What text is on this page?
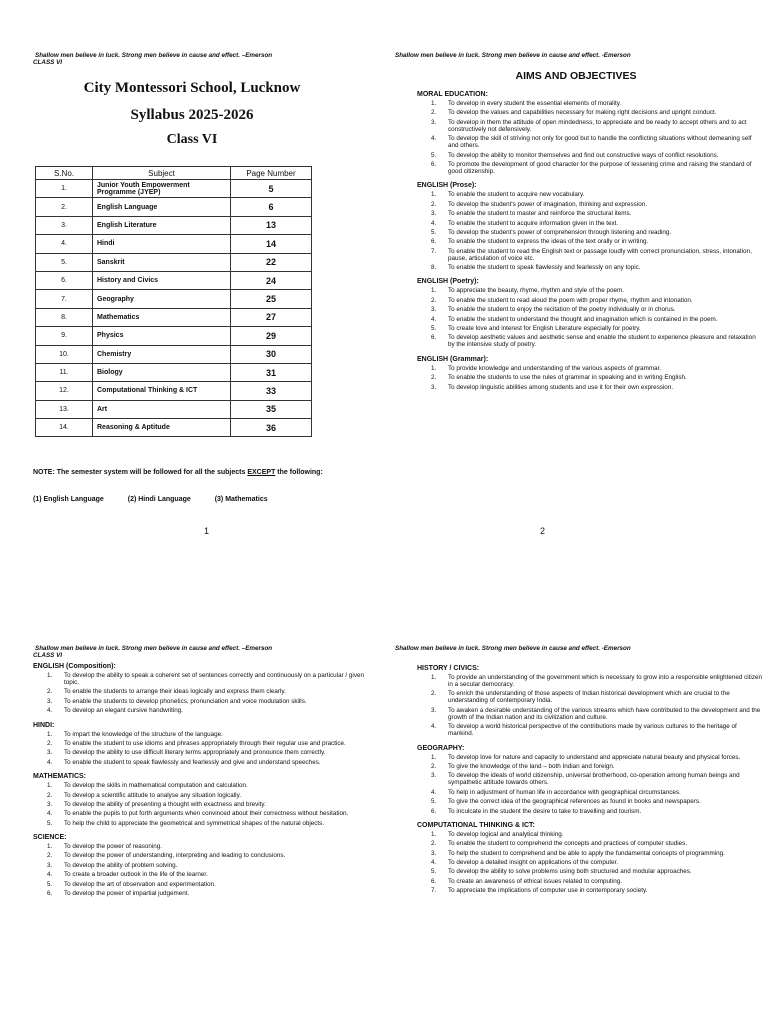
Shallow men believe in luck. Strong men believe in cause and effect. –Emerson
CLASS VI
City Montessori School, Lucknow
Syllabus 2025-2026
Class VI
S.No.	Subject	Page Number
1.	Junior Youth Empowerment Programme (JYEP)	5
2.	English Language	6
3.	English Literature	13
4.	Hindi	14
5.	Sanskrit	22
6.	History and Civics	24
7.	Geography	25
8.	Mathematics	27
9.	Physics	29
10.	Chemistry	30
11.	Biology	31
12.	Computational Thinking & ICT	33
13.	Art	35
14.	Reasoning & Aptitude	36
NOTE: The semester system will be followed for all the subjects EXCEPT the following:
(1) English Language	(2) Hindi Language	(3) Mathematics
1
Shallow men believe in luck. Strong men believe in cause and effect. -Emerson
AIMS AND OBJECTIVES
MORAL EDUCATION:
1. To develop in every student the essential elements of morality.
2. To develop the values and capabilities necessary for making right decisions and upright conduct.
3. To develop in them the attitude of open mindedness, to appreciate and be ready to accept others and to act constructively not defensively.
4. To develop the skill of striving not only for good but to handle the conflicting situations without demeaning self and others.
5. To develop the ability to monitor themselves and find out constructive ways of conflict resolutions.
6. To promote the development of good character for the purpose of lessening crime and raising the standard of good citizenship.
ENGLISH (Prose):
1. To enable the student to acquire new vocabulary.
2. To develop the student's power of imagination, thinking and expression.
3. To enable the student to master and reinforce the structural items.
4. To enable the student to acquire information given in the text.
5. To develop the student's power of comprehension through listening and reading.
6. To enable the student to express the ideas of the text orally or in writing.
7. To enable the student to read the English text or passage loudly with correct pronunciation, stress, intonation, pause, articulation of voice etc.
8. To enable the student to speak flawlessly and fearlessly on any topic.
ENGLISH (Poetry):
1. To appreciate the beauty, rhyme, rhythm and style of the poem.
2. To enable the student to read aloud the poem with proper rhyme, rhythm and intonation.
3. To enable the student to enjoy the recitation of the poetry individually or in chorus.
4. To enable the student to understand the thought and imagination which is contained in the poem.
5. To create love and interest for English Literature especially for poetry.
6. To develop aesthetic values and aesthetic sense and enable the student to experience pleasure and relaxation by the intensive study of poetry.
ENGLISH (Grammar):
1. To provide knowledge and understanding of the various aspects of grammar.
2. To enable the students to use the rules of grammar in speaking and in writing English.
3. To develop linguistic abilities among students and use it for their own expression.
2
Shallow men believe in luck. Strong men believe in cause and effect. –Emerson
CLASS VI
ENGLISH (Composition):
1. To develop the ability to speak a coherent set of sentences correctly and continuously on a particular / given topic.
2. To enable the students to arrange their ideas logically and express them clearly.
3. To enable the students to develop phonetics, pronunciation and voice modulation skills.
4. To develop an elegant cursive handwriting.
HINDI:
1. To impart the knowledge of the structure of the language.
2. To enable the student to use idioms and phrases appropriately through their regular use and practice.
3. To develop the ability to use difficult literary terms appropriately and pronounce them correctly.
4. To enable the student to speak flawlessly and fearlessly and give and understand speeches.
MATHEMATICS:
1. To develop the skills in mathematical computation and calculation.
2. To develop a scientific attitude to analyse any situation logically.
3. To develop the ability of presenting a thought with exactness and brevity.
4. To enable the pupils to put forth arguments when convinced about their correctness without hesitation.
5. To help the child to appreciate the geometrical and symmetrical shapes of the natural objects.
SCIENCE:
1. To develop the power of reasoning.
2. To develop the power of understanding, interpreting and leading to conclusions.
3. To develop the ability of problem solving.
4. To create a broader outlook in the life of the learner.
5. To develop the art of observation and experimentation.
6. To develop the power of impartial judgement.
Shallow men believe in luck. Strong men believe in cause and effect. -Emerson
HISTORY / CIVICS:
1. To provide an understanding of the government which is necessary to grow into a responsible enlightened citizen in a secular democracy.
2. To enrich the understanding of those aspects of Indian historical development which are crucial to the understanding of contemporary India.
3. To awaken a desirable understanding of the various streams which have contributed to the development and the growth of the Indian nation and its civilization and culture.
4. To develop a world historical perspective of the contributions made by various cultures to the heritage of mankind.
GEOGRAPHY:
1. To develop love for nature and capacity to understand and appreciate natural beauty and physical forces.
2. To give the knowledge of the land – both Indian and foreign.
3. To develop the ideals of world citizenship, universal brotherhood, co-operation among human beings and sympathetic attitude towards others.
4. To help in adjustment of human life in accordance with geographical circumstances.
5. To give the correct idea of the geographical references as found in books and newspapers.
6. To inculcate in the student the desire to take to travelling and tourism.
COMPUTATIONAL THINKING & ICT:
1. To develop logical and analytical thinking.
2. To enable the student to comprehend the concepts and practices of computer studies.
3. To help the student to comprehend and be able to apply the fundamental concepts of programming.
4. To develop a detailed insight on applications of the computer.
5. To develop the ability to solve problems using both structured and modular approaches.
6. To create an awareness of ethical issues related to computing.
7. To appreciate the implications of computer use in contemporary society.
